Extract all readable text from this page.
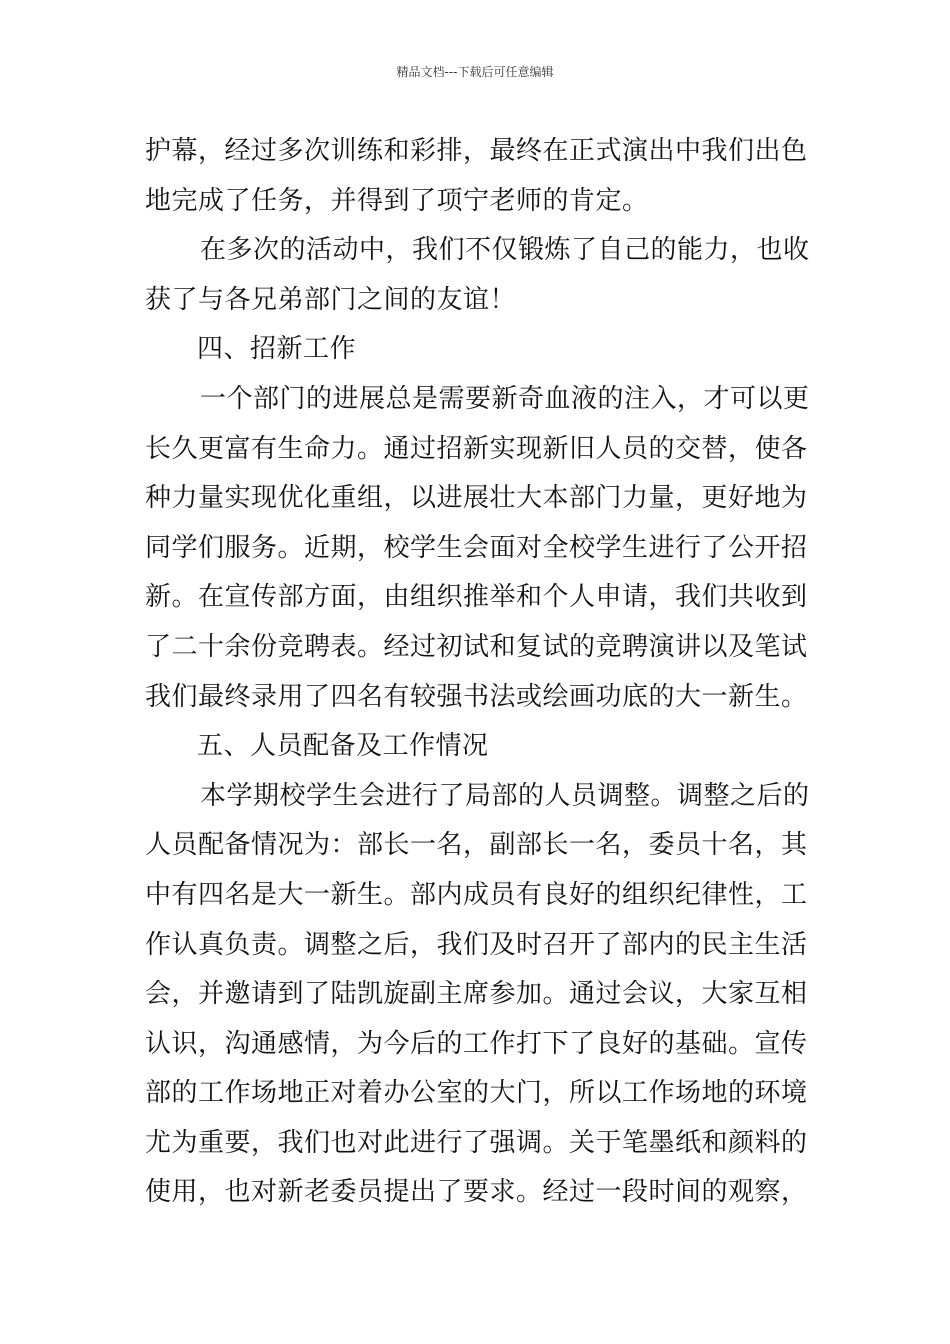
精品文档---下载后可任意编辑
护幕，经过多次训练和彩排，最终在正式演出中我们出色
地完成了任务，并得到了项宁老师的肯定。
在多次的活动中，我们不仅锻炼了自己的能力，也收
获了与各兄弟部门之间的友谊！
四、招新工作
一个部门的进展总是需要新奇血液的注入，才可以更
长久更富有生命力。通过招新实现新旧人员的交替，使各
种力量实现优化重组，以进展壮大本部门力量，更好地为
同学们服务。近期，校学生会面对全校学生进行了公开招
新。在宣传部方面，由组织推举和个人申请，我们共收到
了二十余份竞聘表。经过初试和复试的竞聘演讲以及笔试
我们最终录用了四名有较强书法或绘画功底的大一新生。
五、人员配备及工作情况
本学期校学生会进行了局部的人员调整。调整之后的
人员配备情况为：部长一名，副部长一名，委员十名，其
中有四名是大一新生。部内成员有良好的组织纪律性，工
作认真负责。调整之后，我们及时召开了部内的民主生活
会，并邀请到了陆凯旋副主席参加。通过会议，大家互相
认识，沟通感情，为今后的工作打下了良好的基础。宣传
部的工作场地正对着办公室的大门，所以工作场地的环境
尤为重要，我们也对此进行了强调。关于笔墨纸和颜料的
使用，也对新老委员提出了要求。经过一段时间的观察，
